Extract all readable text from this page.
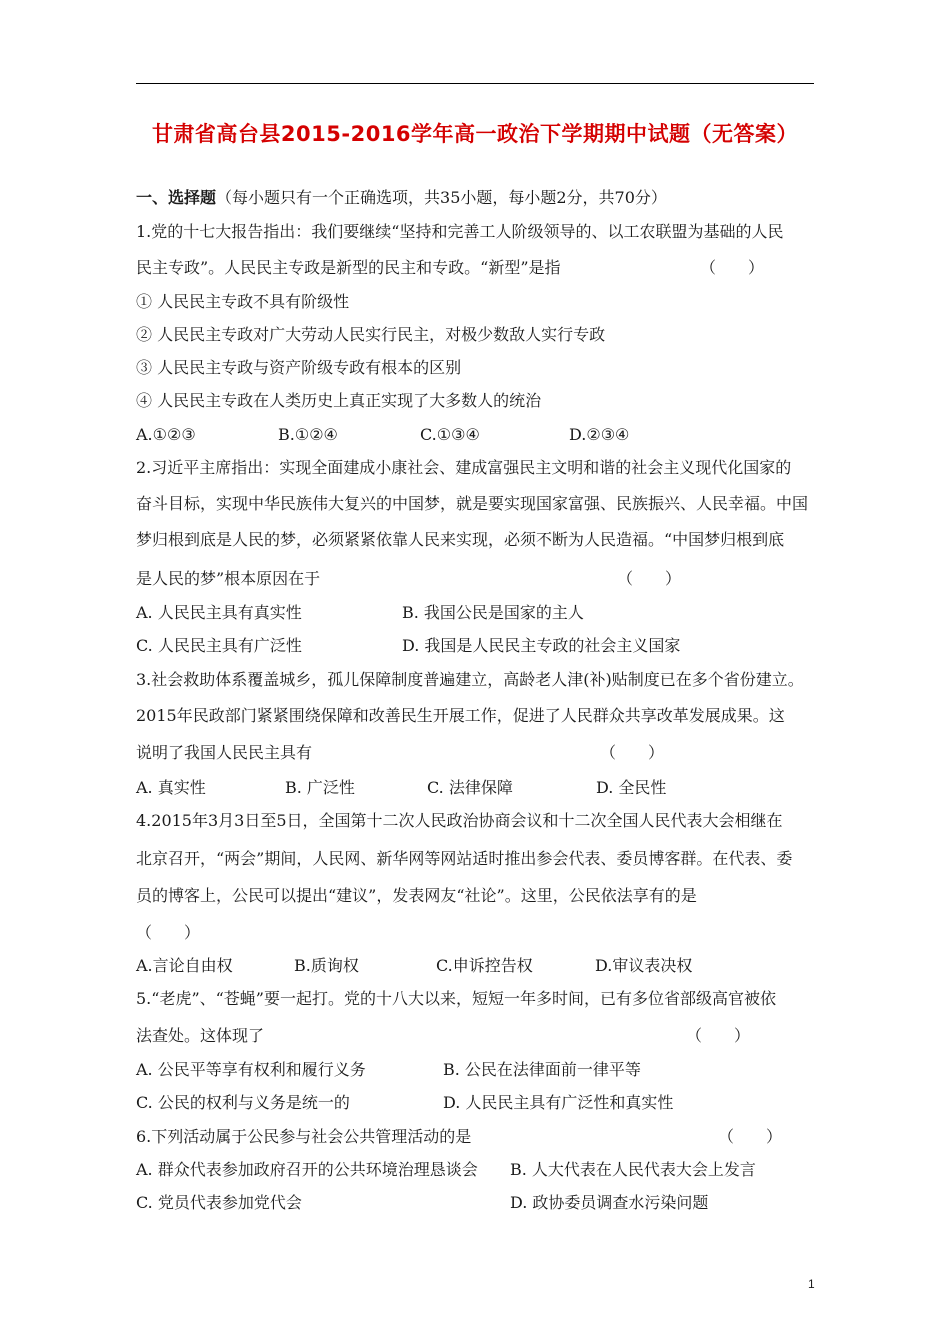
甘肃省高台县2015-2016学年高一政治下学期期中试题（无答案）
一、选择题（每小题只有一个正确选项，共35小题，每小题2分，共70分）
1.党的十七大报告指出：我们要继续“坚持和完善工人阶级领导的、以工农联盟为基础的人民
民主专政”。人民民主专政是新型的民主和专政。“新型”是指	（　　）
① 人民民主专政不具有阶级性
② 人民民主专政对广大劳动人民实行民主，对极少数敌人实行专政
③ 人民民主专政与资产阶级专政有根本的区别
④ 人民民主专政在人类历史上真正实现了大多数人的统治
A.①②③	B.①②④	C.①③④	D.②③④
2.习近平主席指出：实现全面建成小康社会、建成富强民主文明和谐的社会主义现代化国家的
奋斗目标，实现中华民族伟大复兴的中国梦，就是要实现国家富强、民族振兴、人民幸福。中国
梦归根到底是人民的梦，必须紧紧依靠人民来实现，必须不断为人民造福。“中国梦归根到底
是人民的梦”根本原因在于	（　　）
A. 人民民主具有真实性	B. 我国公民是国家的主人
C. 人民民主具有广泛性	D. 我国是人民民主专政的社会主义国家
3.社会救助体系覆盖城乡，孤儿保障制度普遍建立，高龄老人津(补)贴制度已在多个省份建立。
2015年民政部门紧紧围绕保障和改善民生开展工作，促进了人民群众共享改革发展成果。这
说明了我国人民民主具有	（　　）
A. 真实性	B. 广泛性	C. 法律保障	D. 全民性
4.2015年3月3日至5日，全国第十二次人民政治协商会议和十二次全国人民代表大会相继在
北京召开，“两会”期间，人民网、新华网等网站适时推出参会代表、委员博客群。在代表、委
员的博客上，公民可以提出“建议”，发表网友“社论”。这里，公民依法享有的是
（　　）
A.言论自由权	B.质询权	C.申诉控告权	D.审议表决权
5.“老虎”、“苍蝇”要一起打。党的十八大以来，短短一年多时间，已有多位省部级高官被依
法查处。这体现了	（　　）
A. 公民平等享有权利和履行义务	B. 公民在法律面前一律平等
C. 公民的权利与义务是统一的	D. 人民民主具有广泛性和真实性
6.下列活动属于公民参与社会公共管理活动的是	（　　）
A. 群众代表参加政府召开的公共环境治理恳谈会 B. 人大代表在人民代表大会上发言
C. 党员代表参加党代会	D. 政协委员调查水污染问题
1
